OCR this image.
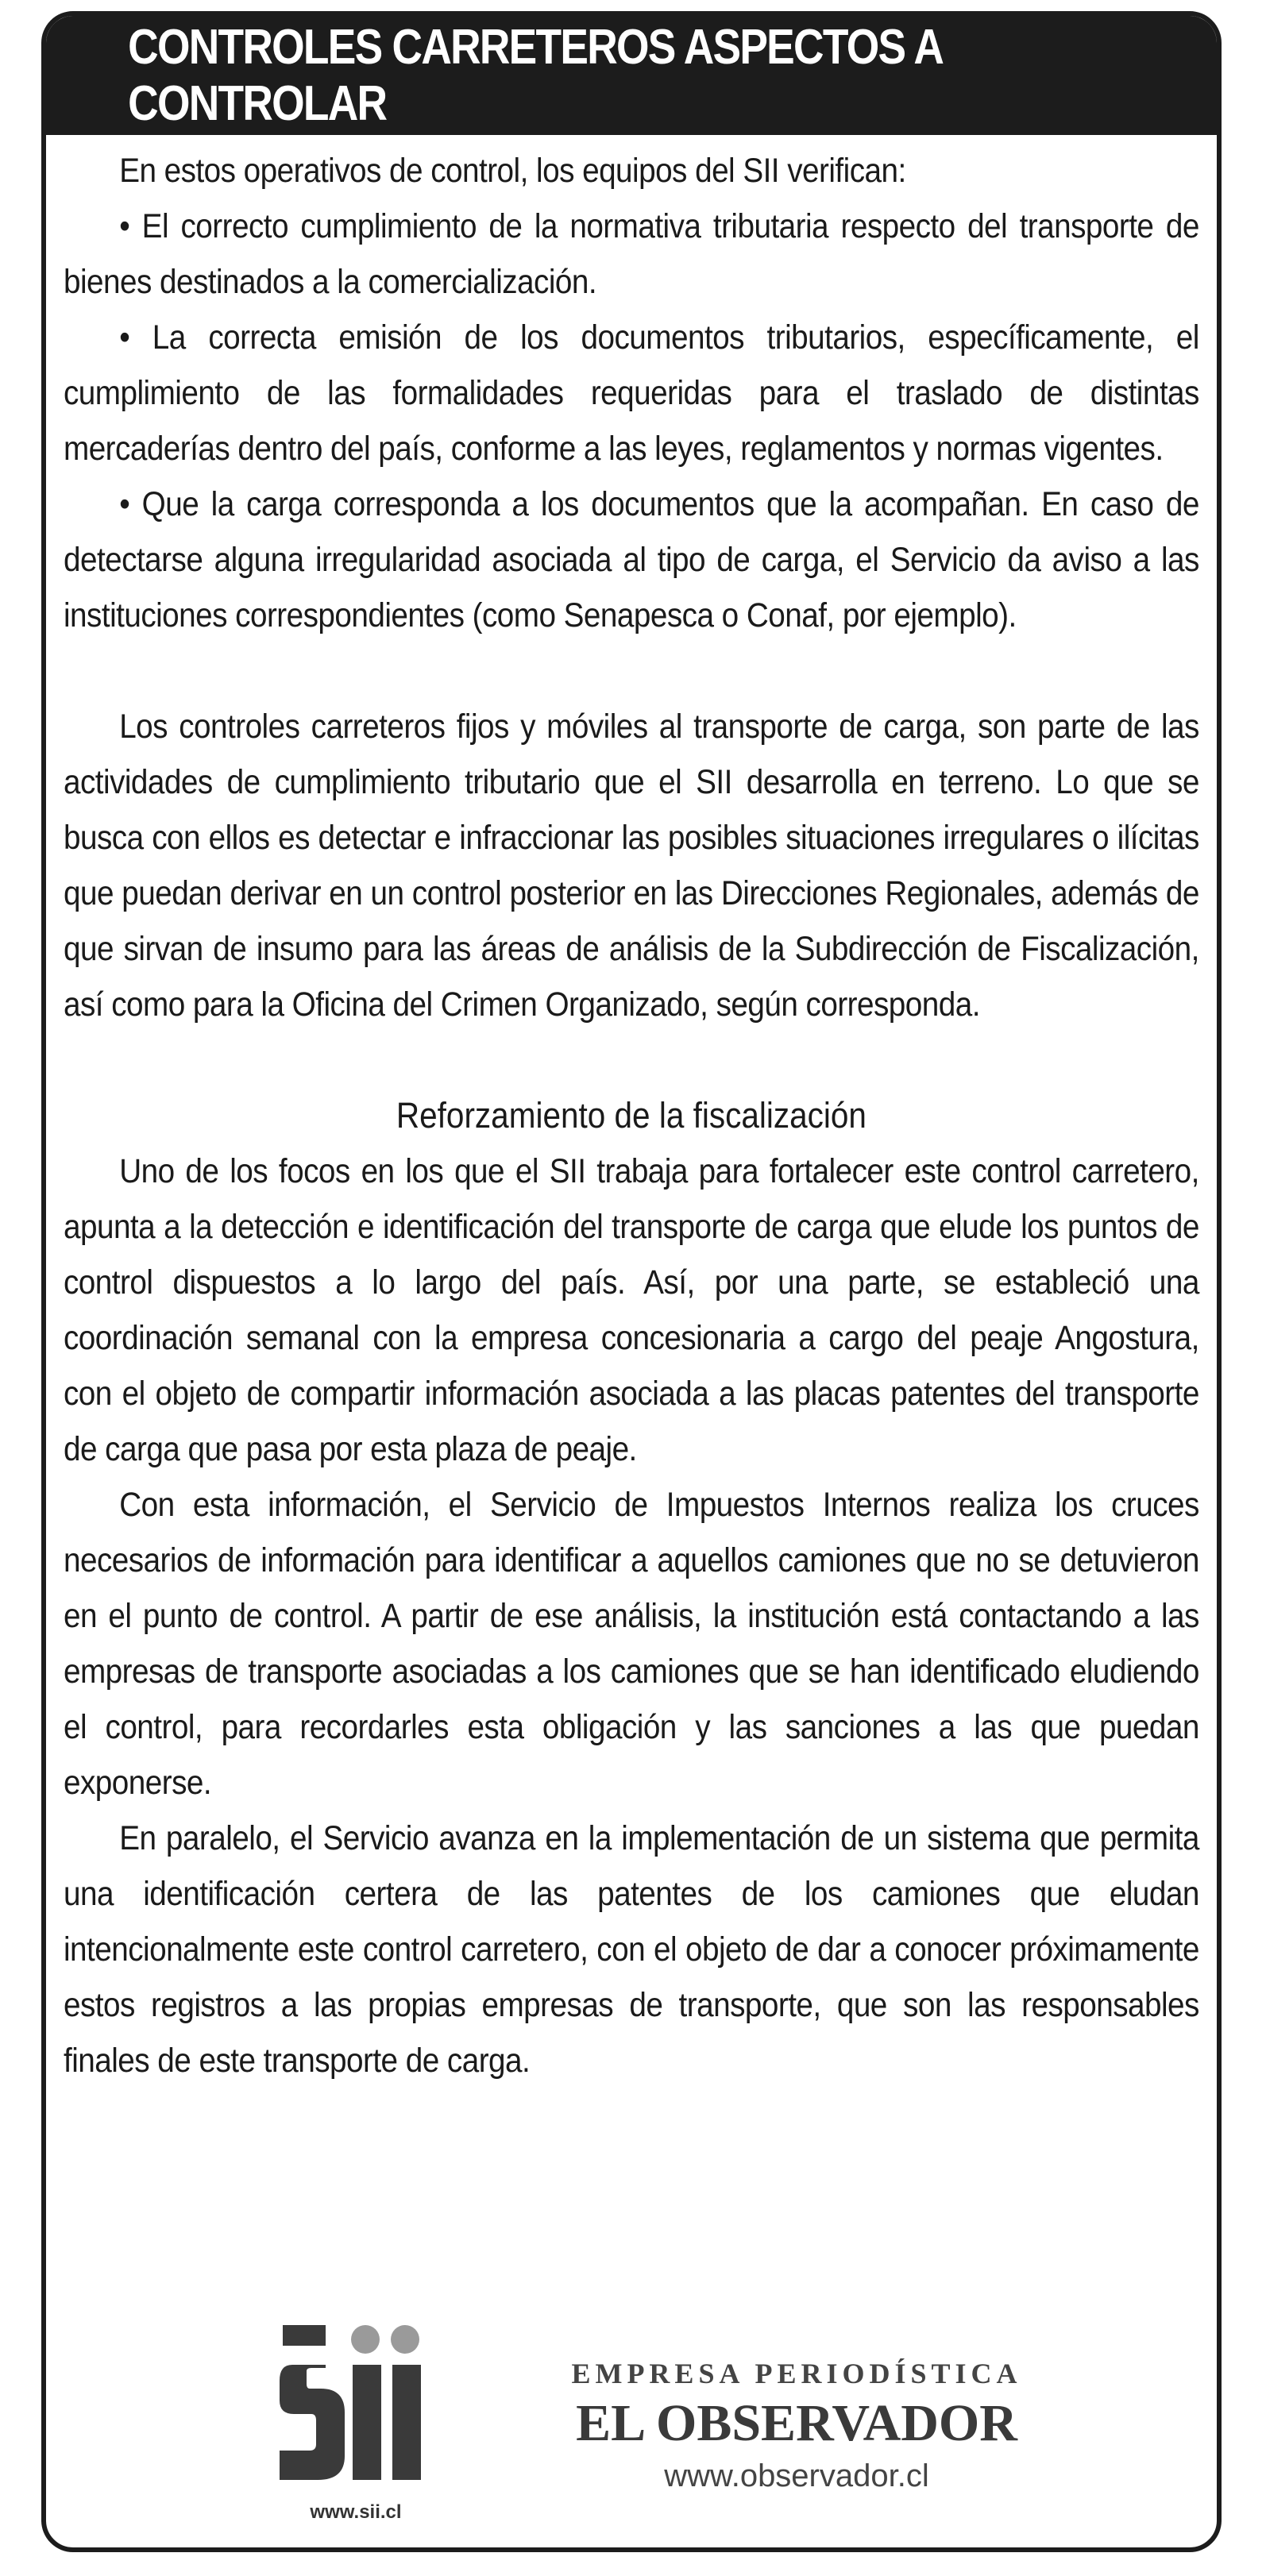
CONTROLES CARRETEROS ASPECTOS A CONTROLAR

En estos operativos de control, los equipos del SII verifican:

• El correcto cumplimiento de la normativa tributaria respecto del transporte de bienes destinados a la comercialización.

• La correcta emisión de los documentos tributarios, específicamente, el cumplimiento de las formalidades requeridas para el traslado de distintas mercaderías dentro del país, conforme a las leyes, reglamentos y normas vigentes.

• Que la carga corresponda a los documentos que la acompañan. En caso de detectarse alguna irregularidad asociada al tipo de carga, el Servicio da aviso a las instituciones correspondientes (como Senapesca o Conaf, por ejemplo).

Los controles carreteros fijos y móviles al transporte de carga, son parte de las actividades de cumplimiento tributario que el SII desarrolla en terreno. Lo que se busca con ellos es detectar e infraccionar las posibles situaciones irregulares o ilícitas que puedan derivar en un control posterior en las Direcciones Regionales, además de que sirvan de insumo para las áreas de análisis de la Subdirección de Fiscalización, así como para la Oficina del Crimen Organizado, según corresponda.

Reforzamiento de la fiscalización

Uno de los focos en los que el SII trabaja para fortalecer este control carretero, apunta a la detección e identificación del transporte de carga que elude los puntos de control dispuestos a lo largo del país. Así, por una parte, se estableció una coordinación semanal con la empresa concesionaria a cargo del peaje Angostura, con el objeto de compartir información asociada a las placas patentes del transporte de carga que pasa por esta plaza de peaje.

Con esta información, el Servicio de Impuestos Internos realiza los cruces necesarios de información para identificar a aquellos camiones que no se detuvieron en el punto de control. A partir de ese análisis, la institución está contactando a las empresas de transporte asociadas a los camiones que se han identificado eludiendo el control, para recordarles esta obligación y las sanciones a las que puedan exponerse.

En paralelo, el Servicio avanza en la implementación de un sistema que permita una identificación certera de las patentes de los camiones que eludan intencionalmente este control carretero, con el objeto de dar a conocer próximamente estos registros a las propias empresas de transporte, que son las responsables finales de este transporte de carga.

www.sii.cl
EMPRESA PERIODÍSTICA
EL OBSERVADOR
www.observador.cl
